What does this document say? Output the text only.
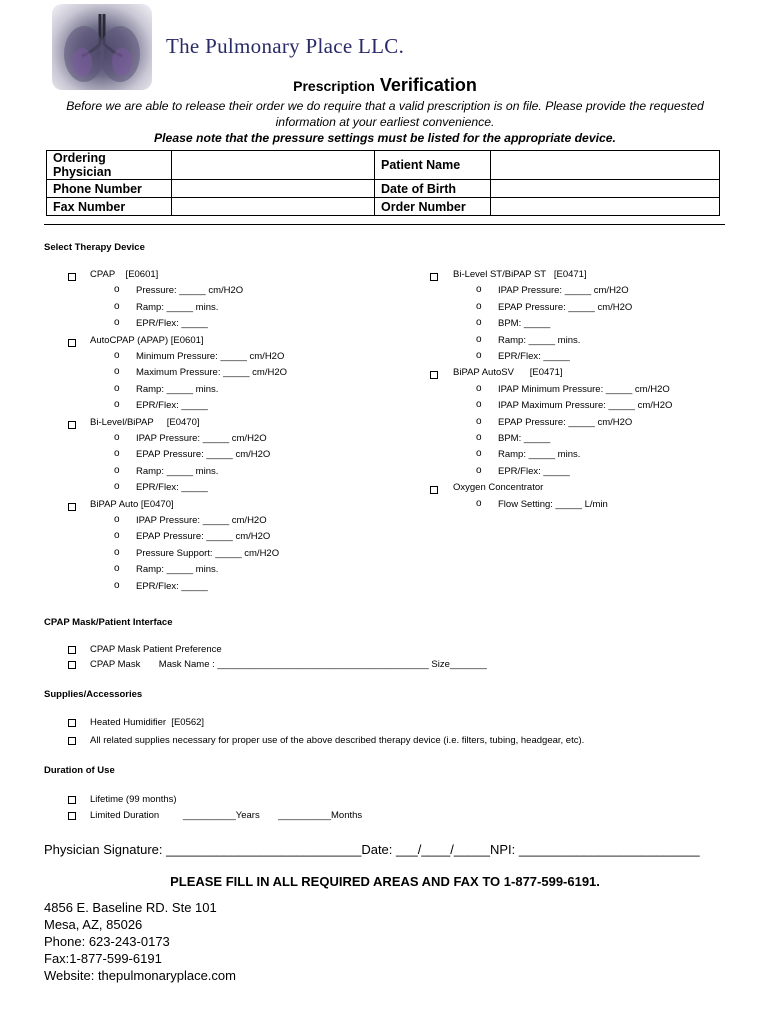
The Pulmonary Place LLC.
Prescription Verification
Before we are able to release their order we do require that a valid prescription is on file. Please provide the requested
information at your earliest convenience.
Please note that the pressure settings must be listed for the appropriate device.
Ordering Physician		Patient Name	
Phone Number		Date of Birth	
Fax Number		Order Number	
Select Therapy Device
CPAP    [E0601]
o Pressure: _____ cm/H2O
o Ramp: _____ mins.
o EPR/Flex: _____
AutoCPAP (APAP) [E0601]
o Minimum Pressure: _____ cm/H2O
o Maximum Pressure: _____ cm/H2O
o Ramp: _____ mins.
o EPR/Flex: _____
Bi-Level/BiPAP     [E0470]
o IPAP Pressure: _____ cm/H2O
o EPAP Pressure: _____ cm/H2O
o Ramp: _____ mins.
o EPR/Flex: _____
BiPAP Auto [E0470]
o IPAP Pressure: _____ cm/H2O
o EPAP Pressure: _____ cm/H2O
o Pressure Support: _____ cm/H2O
o Ramp: _____ mins.
o EPR/Flex: _____
Bi-Level ST/BiPAP ST   [E0471]
o IPAP Pressure: _____ cm/H2O
o EPAP Pressure: _____ cm/H2O
o BPM: _____
o Ramp: _____ mins.
o EPR/Flex: _____
BiPAP AutoSV      [E0471]
o IPAP Minimum Pressure: _____ cm/H2O
o IPAP Maximum Pressure: _____ cm/H2O
o EPAP Pressure: _____ cm/H2O
o BPM: _____
o Ramp: _____ mins.
o EPR/Flex: _____
Oxygen Concentrator
o Flow Setting: _____ L/min
CPAP Mask/Patient Interface
CPAP Mask Patient Preference
CPAP Mask       Mask Name : ________________________________________ Size_______
Supplies/Accessories
Heated Humidifier  [E0562]
All related supplies necessary for proper use of the above described therapy device (i.e. filters, tubing, headgear, etc).
Duration of Use
Lifetime (99 months)
Limited Duration         __________Years       __________Months
Physician Signature: ___________________________Date: ___/____/_____NPI: _________________________
PLEASE FILL IN ALL REQUIRED AREAS AND FAX TO 1-877-599-6191.
4856 E. Baseline RD. Ste 101
Mesa, AZ, 85026
Phone: 623-243-0173
Fax:1-877-599-6191
Website: thepulmonaryplace.com
